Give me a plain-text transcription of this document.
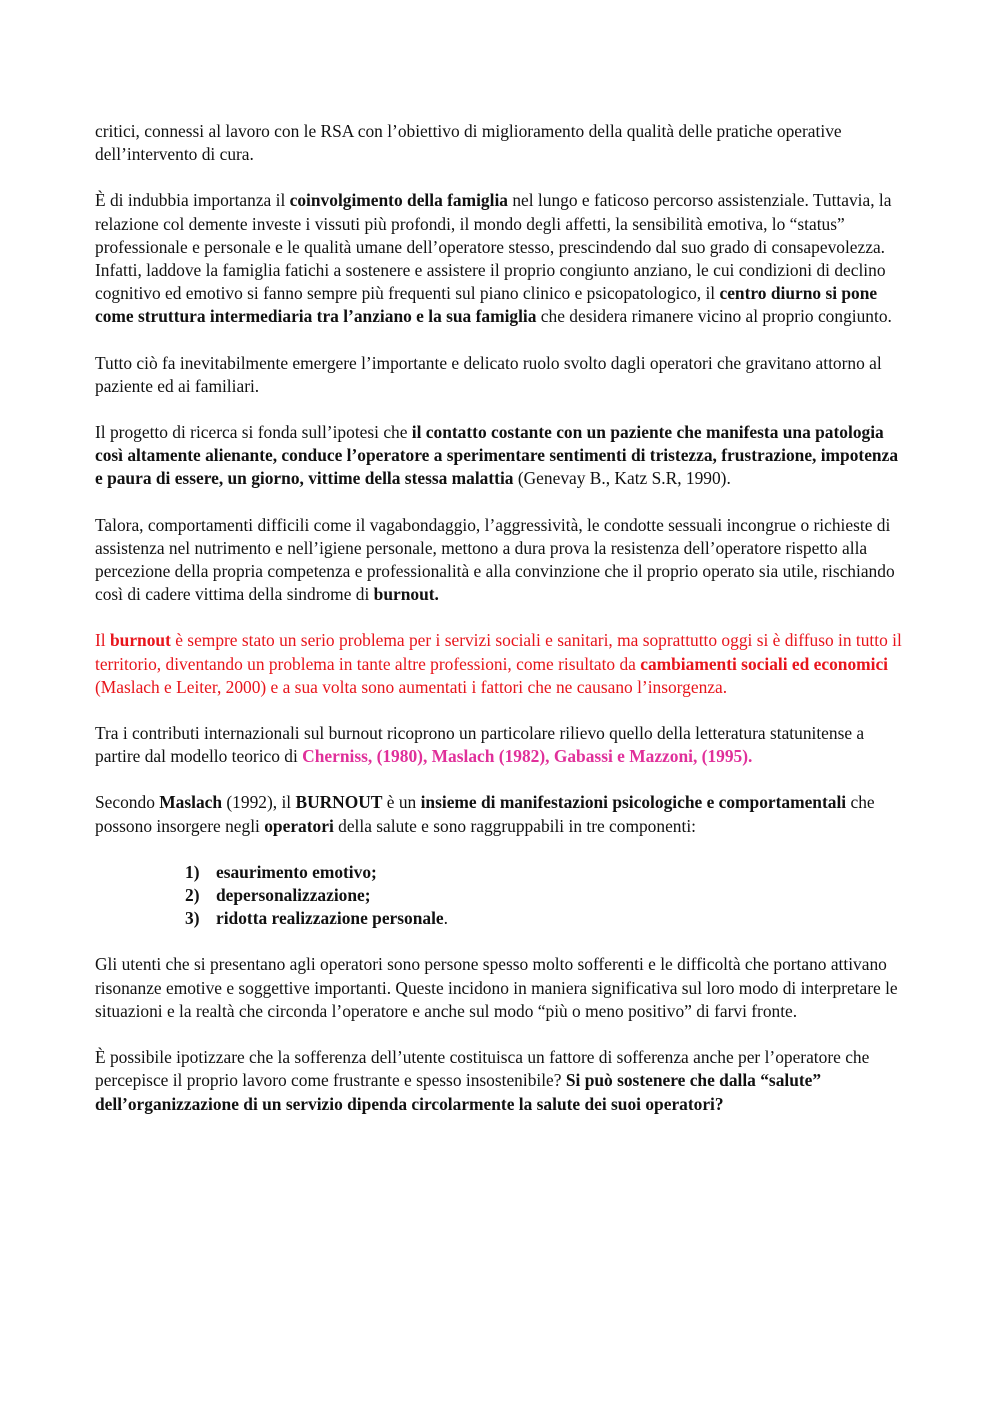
critici, connessi al lavoro con le RSA con l’obiettivo di miglioramento della qualità delle pratiche operative dell’intervento di cura.

È di indubbia importanza il coinvolgimento della famiglia nel lungo e faticoso percorso assistenziale. Tuttavia, la relazione col demente investe i vissuti più profondi, il mondo degli affetti, la sensibilità emotiva, lo “status” professionale e personale e le qualità umane dell’operatore stesso, prescindendo dal suo grado di consapevolezza. Infatti, laddove la famiglia fatichi a sostenere e assistere il proprio congiunto anziano, le cui condizioni di declino cognitivo ed emotivo si fanno sempre più frequenti sul piano clinico e psicopatologico, il centro diurno si pone come struttura intermediaria tra l’anziano e la sua famiglia che desidera rimanere vicino al proprio congiunto.

Tutto ciò fa inevitabilmente emergere l’importante e delicato ruolo svolto dagli operatori che gravitano attorno al paziente ed ai familiari.

Il progetto di ricerca si fonda sull’ipotesi che il contatto costante con un paziente che manifesta una patologia così altamente alienante, conduce l’operatore a sperimentare sentimenti di tristezza, frustrazione, impotenza e paura di essere, un giorno, vittime della stessa malattia (Genevay B., Katz S.R, 1990).

Talora, comportamenti difficili come il vagabondaggio, l’aggressività, le condotte sessuali incongrue o richieste di assistenza nel nutrimento e nell’igiene personale, mettono a dura prova la resistenza dell’operatore rispetto alla percezione della propria competenza e professionalità e alla convinzione che il proprio operato sia utile, rischiando così di cadere vittima della sindrome di burnout.

Il burnout è sempre stato un serio problema per i servizi sociali e sanitari, ma soprattutto oggi si è diffuso in tutto il territorio, diventando un problema in tante altre professioni, come risultato da cambiamenti sociali ed economici (Maslach e Leiter, 2000) e a sua volta sono aumentati i fattori che ne causano l’insorgenza.

Tra i contributi internazionali sul burnout ricoprono un particolare rilievo quello della letteratura statunitense a partire dal modello teorico di Cherniss, (1980), Maslach (1982), Gabassi e Mazzoni, (1995).

Secondo Maslach (1992), il BURNOUT è un insieme di manifestazioni psicologiche e comportamentali che possono insorgere negli operatori della salute e sono raggruppabili in tre componenti:

1) esaurimento emotivo;
2) depersonalizzazione;
3) ridotta realizzazione personale.

Gli utenti che si presentano agli operatori sono persone spesso molto sofferenti e le difficoltà che portano attivano risonanze emotive e soggettive importanti. Queste incidono in maniera significativa sul loro modo di interpretare le situazioni e la realtà che circonda l’operatore e anche sul modo “più o meno positivo” di farvi fronte.

È possibile ipotizzare che la sofferenza dell’utente costituisca un fattore di sofferenza anche per l’operatore che percepisce il proprio lavoro come frustrante e spesso insostenibile? Si può sostenere che dalla “salute” dell’organizzazione di un servizio dipenda circolarmente la salute dei suoi operatori?
